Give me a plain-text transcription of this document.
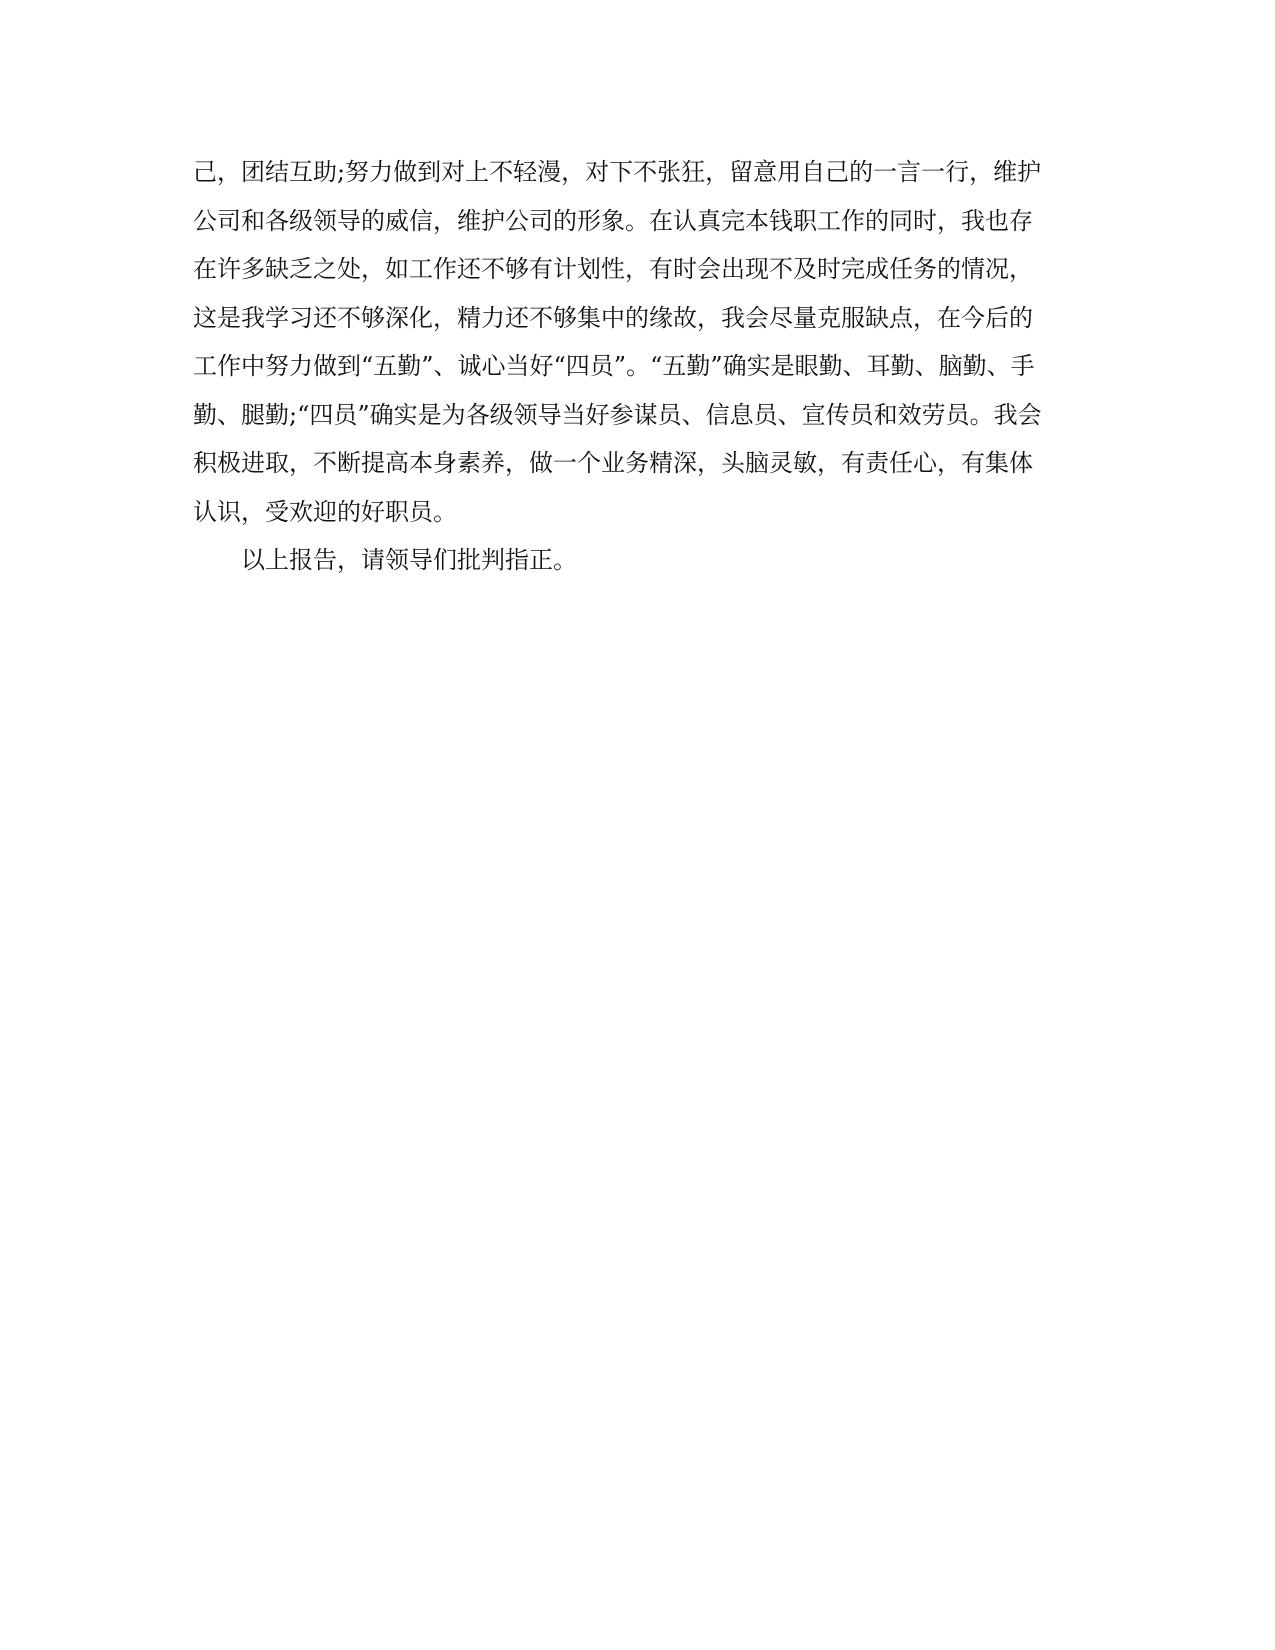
己，团结互助;努力做到对上不轻漫，对下不张狂，留意用自己的一言一行，维护

公司和各级领导的威信，维护公司的形象。在认真完本钱职工作的同时，我也存

在许多缺乏之处，如工作还不够有计划性，有时会出现不及时完成任务的情况，

这是我学习还不够深化，精力还不够集中的缘故，我会尽量克服缺点，在今后的

工作中努力做到“五勤”、诚心当好“四员”。“五勤”确实是眼勤、耳勤、脑勤、手

勤、腿勤;“四员”确实是为各级领导当好参谋员、信息员、宣传员和效劳员。我会

积极进取，不断提高本身素养，做一个业务精深，头脑灵敏，有责任心，有集体

认识，受欢迎的好职员。

以上报告，请领导们批判指正。
